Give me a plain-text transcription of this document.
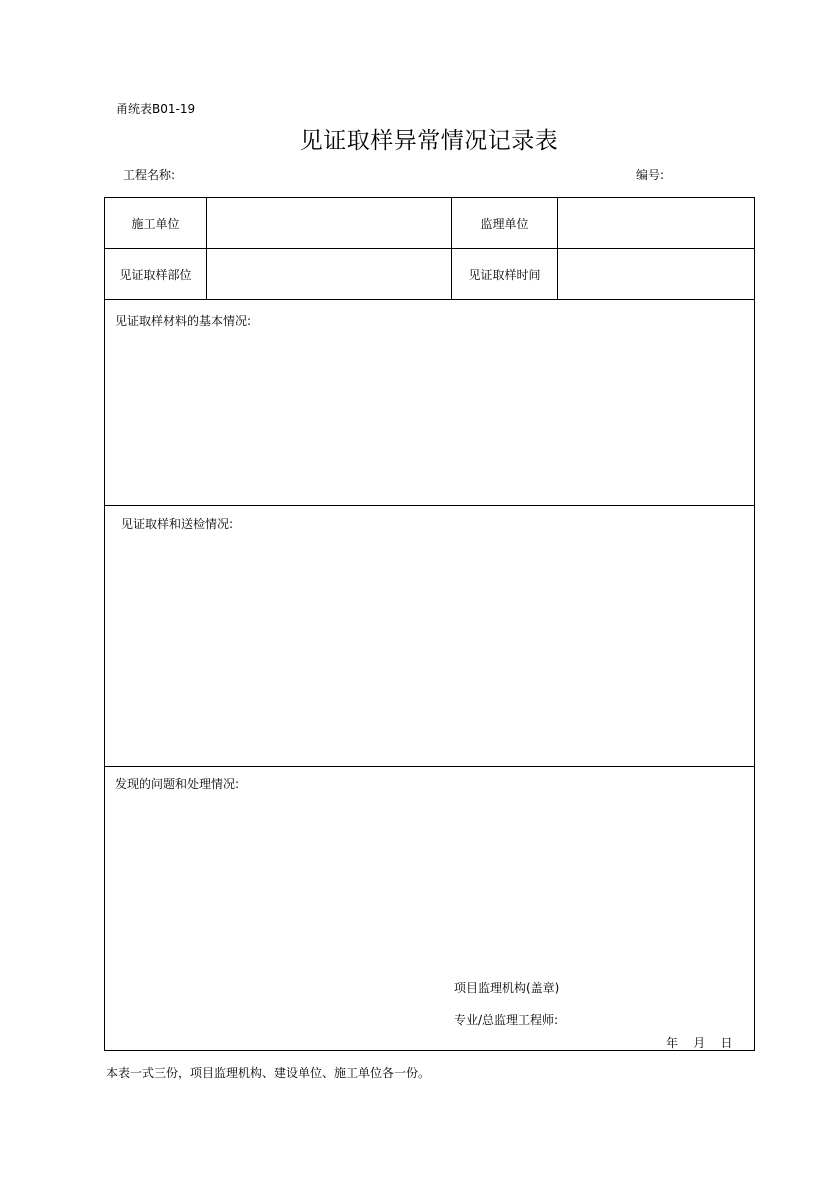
甬统表B01-19
见证取样异常情况记录表
工程名称:	编号:
施工单位	监理单位
见证取样部位	见证取样时间
见证取样材料的基本情况:
见证取样和送检情况:
发现的问题和处理情况:
项目监理机构(盖章)
专业/总监理工程师:
年    月    日
本表一式三份，项目监理机构、建设单位、施工单位各一份。
